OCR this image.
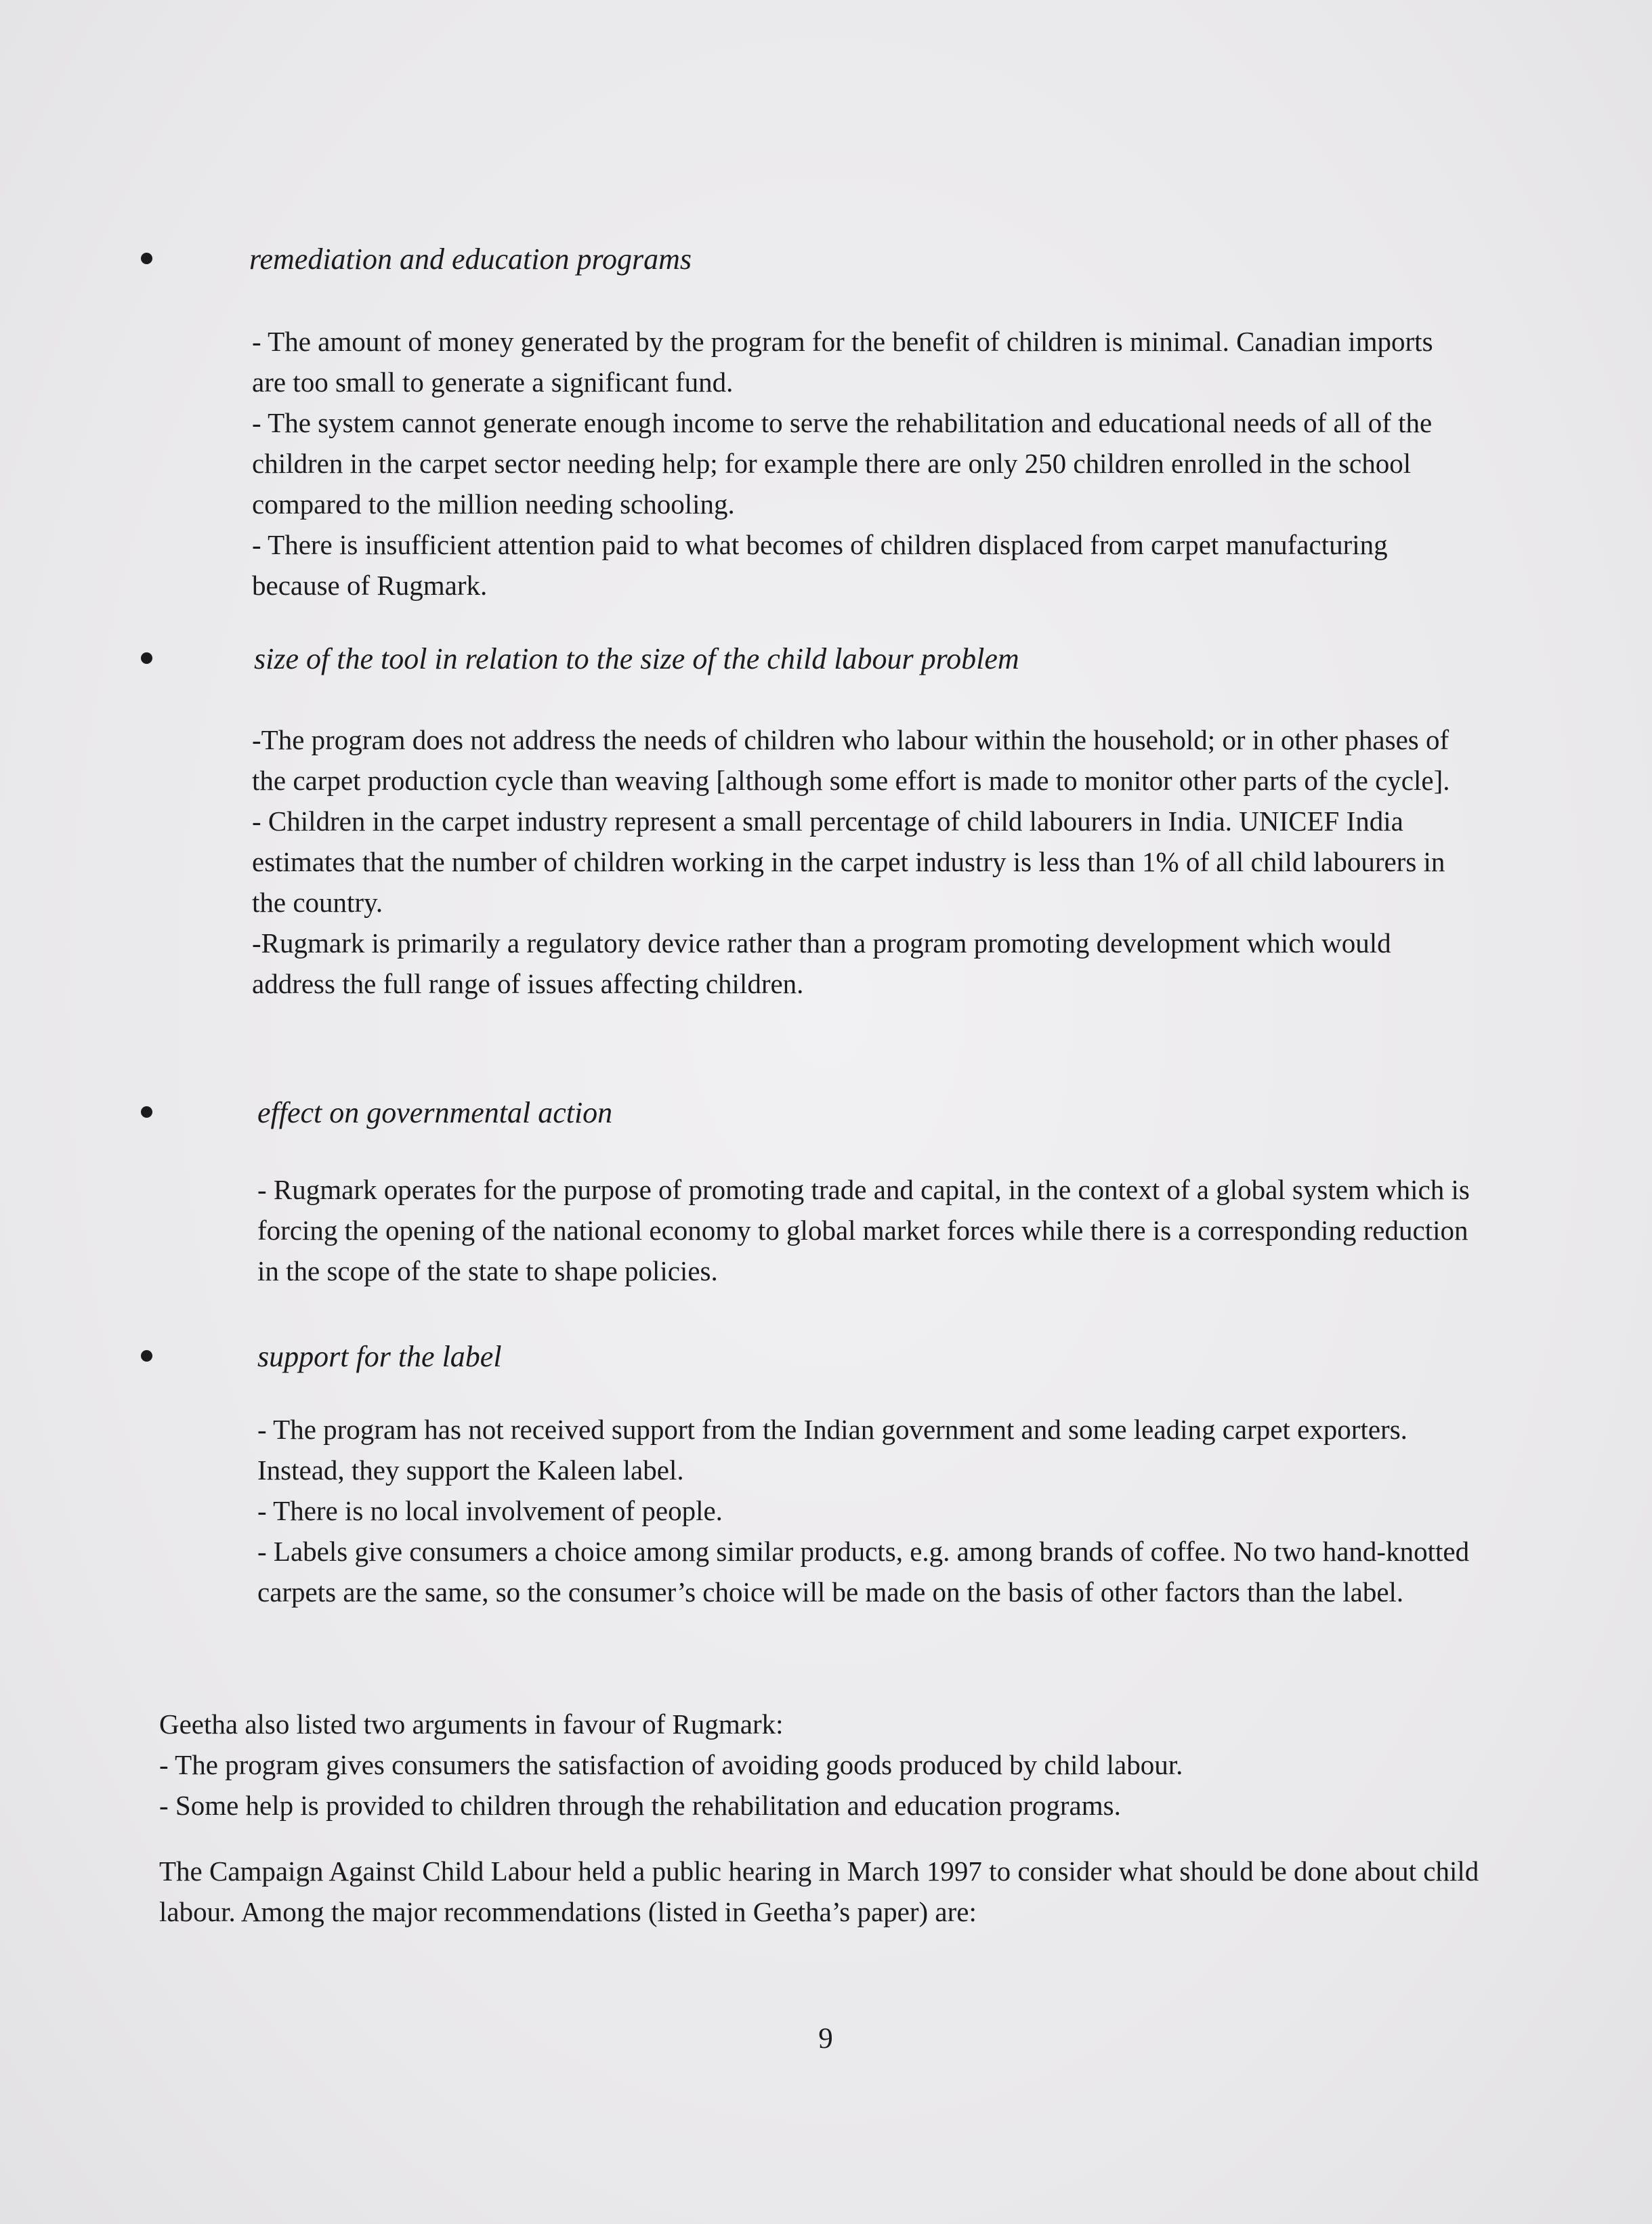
remediation and education programs

- The amount of money generated by the program for the benefit of children is minimal. Canadian imports are too small to generate a significant fund.

- The system cannot generate enough income to serve the rehabilitation and educational needs of all of the children in the carpet sector needing help; for example there are only 250 children enrolled in the school compared to the million needing schooling.

- There is insufficient attention paid to what becomes of children displaced from carpet manufacturing because of Rugmark.

size of the tool in relation to the size of the child labour problem

-The program does not address the needs of children who labour within the household; or in other phases of the carpet production cycle than weaving [although some effort is made to monitor other parts of the cycle].

- Children in the carpet industry represent a small percentage of child labourers in India. UNICEF India estimates that the number of children working in the carpet industry is less than 1% of all child labourers in the country.

-Rugmark is primarily a regulatory device rather than a program promoting development which would address the full range of issues affecting children.

effect on governmental action

- Rugmark operates for the purpose of promoting trade and capital, in the context of a global system which is forcing the opening of the national economy to global market forces while there is a corresponding reduction in the scope of the state to shape policies.

support for the label

- The program has not received support from the Indian government and some leading carpet exporters. Instead, they support the Kaleen label.

- There is no local involvement of people.

- Labels give consumers a choice among similar products, e.g. among brands of coffee. No two hand-knotted carpets are the same, so the consumer’s choice will be made on the basis of other factors than the label.

Geetha also listed two arguments in favour of Rugmark:

- The program gives consumers the satisfaction of avoiding goods produced by child labour.

- Some help is provided to children through the rehabilitation and education programs.

The Campaign Against Child Labour held a public hearing in March 1997 to consider what should be done about child labour. Among the major recommendations (listed in Geetha’s paper) are:

9
